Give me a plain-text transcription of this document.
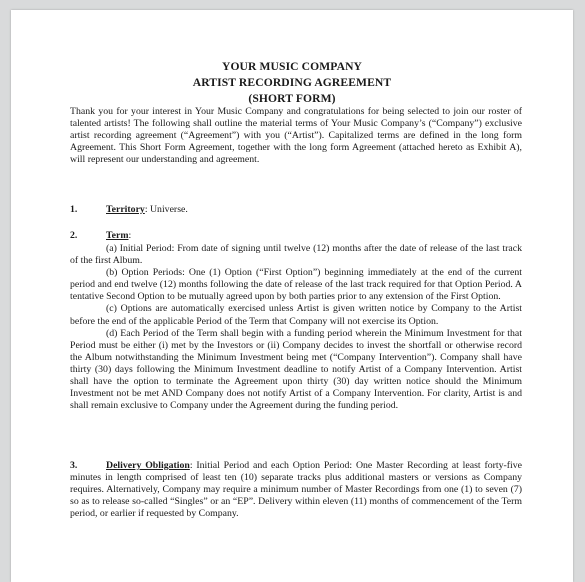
YOUR MUSIC COMPANY
ARTIST RECORDING AGREEMENT
(SHORT FORM)
Thank you for your interest in Your Music Company and congratulations for being selected to join our roster of talented artists! The following shall outline the material terms of Your Music Company’s (“Company”) exclusive artist recording agreement (“Agreement”) with you (“Artist”). Capitalized terms are defined in the long form Agreement. This Short Form Agreement, together with the long form Agreement (attached hereto as Exhibit A), will represent our understanding and agreement.
1.	Territory: Universe.
2.	Term:

(a) Initial Period: From date of signing until twelve (12) months after the date of release of the last track of the first Album.

(b) Option Periods: One (1) Option (“First Option”) beginning immediately at the end of the current period and end twelve (12) months following the date of release of the last track required for that Option Period. A tentative Second Option to be mutually agreed upon by both parties prior to any extension of the First Option.

(c) Options are automatically exercised unless Artist is given written notice by Company to the Artist before the end of the applicable Period of the Term that Company will not exercise its Option.

(d) Each Period of the Term shall begin with a funding period wherein the Minimum Investment for that Period must be either (i) met by the Investors or (ii) Company decides to invest the shortfall or otherwise record the Album notwithstanding the Minimum Investment being met (“Company Intervention”). Company shall have thirty (30) days following the Minimum Investment deadline to notify Artist of a Company Intervention. Artist shall have the option to terminate the Agreement upon thirty (30) day written notice should the Minimum Investment not be met AND Company does not notify Artist of a Company Intervention. For clarity, Artist is and shall remain exclusive to Company under the Agreement during the funding period.

3.	Delivery Obligation: Initial Period and each Option Period: One Master Recording at least forty-five minutes in length comprised of least ten (10) separate tracks plus additional masters or versions as Company requires. Alternatively, Company may require a minimum number of Master Recordings from one (1) to seven (7) so as to release so-called “Singles” or an “EP”. Delivery within eleven (11) months of commencement of the Term period, or earlier if requested by Company.
